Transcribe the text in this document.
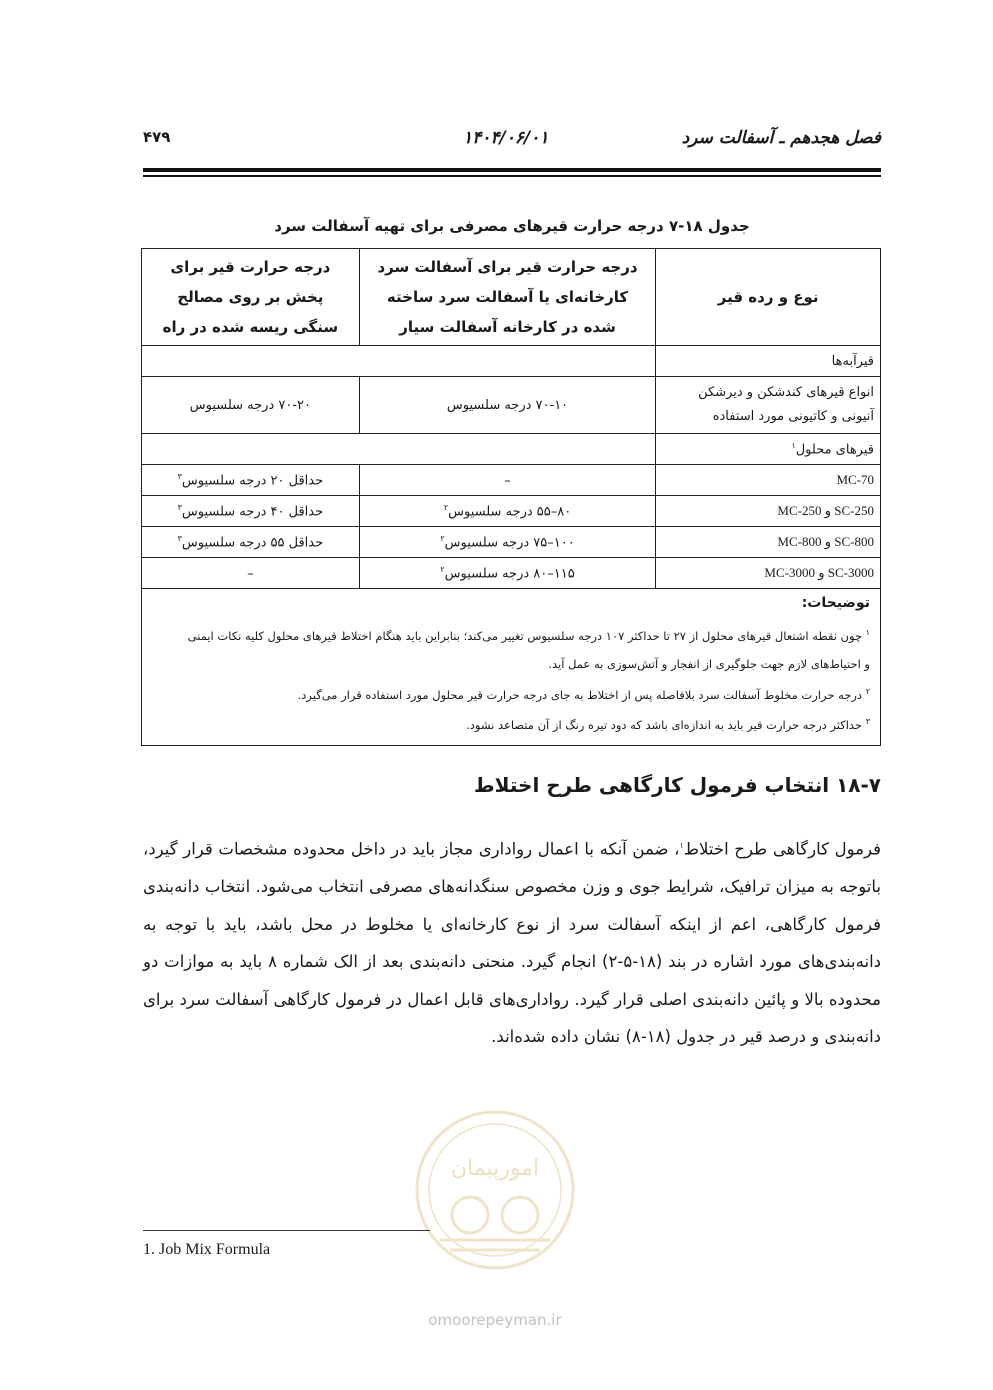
فصل هجدهم ـ آسفالت سرد
۱۴۰۴/۰۶/۰۱
۴۷۹
جدول ۱۸-۷ درجه حرارت قیرهای مصرفی برای تهیه آسفالت سرد
نوع و رده قیر	درجه حرارت قیر برای آسفالت سرد کارخانه‌ای یا آسفالت سرد ساخته شده در کارخانه آسفالت سیار	درجه حرارت قیر برای پخش بر روی مصالح سنگی ریسه شده در راه
قیرآبه‌ها		
انواع قیرهای کندشکن و دیرشکن آنیونی و کاتیونی مورد استفاده	۷۰-۱۰ درجه سلسیوس	۷۰-۲۰ درجه سلسیوس
قیرهای محلول$^۱$	
MC-70	–	حداقل ۲۰ درجه سلسیوس$^۳$
SC-250 و MC-250	۸۰–۵۵ درجه سلسیوس$^۲$	حداقل ۴۰ درجه سلسیوس$^۳$
SC-800 و MC-800	۱۰۰–۷۵ درجه سلسیوس$^۲$	حداقل ۵۵ درجه سلسیوس$^۳$
SC-3000 و MC-3000	۱۱۵–۸۰ درجه سلسیوس$^۲$	–

توضیحات:
$^۱$ چون نقطه اشتعال قیرهای محلول از ۲۷ تا حداکثر ۱۰۷ درجه سلسیوس تغییر می‌کند؛ بنابراین باید هنگام اختلاط قیرهای محلول کلیه نکات ایمنی
و احتیاط‌های لازم جهت جلوگیری از انفجار و آتش‌سوزی به عمل آید.
$^۲$ درجه حرارت مخلوط آسفالت سرد بلافاصله پس از اختلاط به جای درجه حرارت قیر محلول مورد استفاده قرار می‌گیرد.
$^۳$ حداکثر درجه حرارت قیر باید به اندازه‌ای باشد که دود تیره رنگ از آن متصاعد نشود.		
۱۸-۷ انتخاب فرمول کارگاهی طرح اختلاط
فرمول کارگاهی طرح اختلاط$^۱$، ضمن آنکه با اعمال رواداری مجاز باید در داخل محدوده مشخصات قرار گیرد، باتوجه به میزان ترافیک، شرایط جوی و وزن مخصوص سنگدانه‌های مصرفی انتخاب می‌شود. انتخاب دانه‌بندی فرمول کارگاهی، اعم از اینکه آسفالت سرد از نوع کارخانه‌ای یا مخلوط در محل باشد، باید با توجه به دانه‌بندی‌های مورد اشاره در بند (۱۸-۵-۲) انجام گیرد. منحنی دانه‌بندی بعد از الک شماره ۸ باید به موازات دو محدوده بالا و پائین دانه‌بندی اصلی قرار گیرد. رواداری‌های قابل اعمال در فرمول کارگاهی آسفالت سرد برای دانه‌بندی و درصد قیر در جدول (۱۸-۸) نشان داده شده‌اند.
امورپیمان
omoorepeyman.ir
1. Job Mix Formula
